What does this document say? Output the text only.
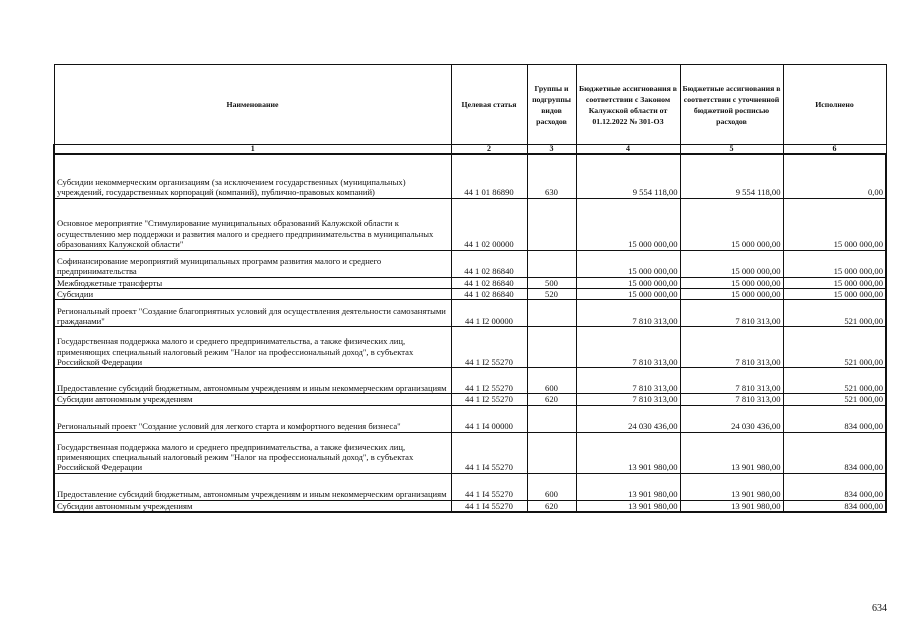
Наименование	Целевая статья	Группы и подгруппы видов расходов	Бюджетные ассигнования в соответствии с Законом Калужской области от 01.12.2022 № 301-ОЗ	Бюджетные ассигнования в соответствии с уточненной бюджетной росписью расходов	Исполнено
1	2	3	4	5	6
Субсидии некоммерческим организациям (за исключением государственных (муниципальных) учреждений, государственных корпораций (компаний), публично-правовых компаний)	44 1 01 86890	630	9 554 118,00	9 554 118,00	0,00
Основное мероприятие "Стимулирование муниципальных образований Калужской области к осуществлению мер поддержки и развития малого и среднего предпринимательства в муниципальных образованиях Калужской области"	44 1 02 00000		15 000 000,00	15 000 000,00	15 000 000,00
Софинансирование мероприятий муниципальных программ развития малого и среднего предпринимательства	44 1 02 86840		15 000 000,00	15 000 000,00	15 000 000,00
Межбюджетные трансферты	44 1 02 86840	500	15 000 000,00	15 000 000,00	15 000 000,00
Субсидии	44 1 02 86840	520	15 000 000,00	15 000 000,00	15 000 000,00
Региональный проект "Создание благоприятных условий для осуществления деятельности самозанятыми гражданами"	44 1 I2 00000		7 810 313,00	7 810 313,00	521 000,00
Государственная поддержка малого и среднего предпринимательства, а также физических лиц, применяющих специальный налоговый режим "Налог на профессиональный доход", в субъектах Российской Федерации	44 1 I2 55270		7 810 313,00	7 810 313,00	521 000,00
Предоставление субсидий бюджетным, автономным учреждениям и иным некоммерческим организациям	44 1 I2 55270	600	7 810 313,00	7 810 313,00	521 000,00
Субсидии автономным учреждениям	44 1 I2 55270	620	7 810 313,00	7 810 313,00	521 000,00
Региональный проект "Создание условий для легкого старта и комфортного ведения бизнеса"	44 1 I4 00000		24 030 436,00	24 030 436,00	834 000,00
Государственная поддержка малого и среднего предпринимательства, а также физических лиц, применяющих специальный налоговый режим "Налог на профессиональный доход", в субъектах Российской Федерации	44 1 I4 55270		13 901 980,00	13 901 980,00	834 000,00
Предоставление субсидий бюджетным, автономным учреждениям и иным некоммерческим организациям	44 1 I4 55270	600	13 901 980,00	13 901 980,00	834 000,00
Субсидии автономным учреждениям	44 1 I4 55270	620	13 901 980,00	13 901 980,00	834 000,00
634
